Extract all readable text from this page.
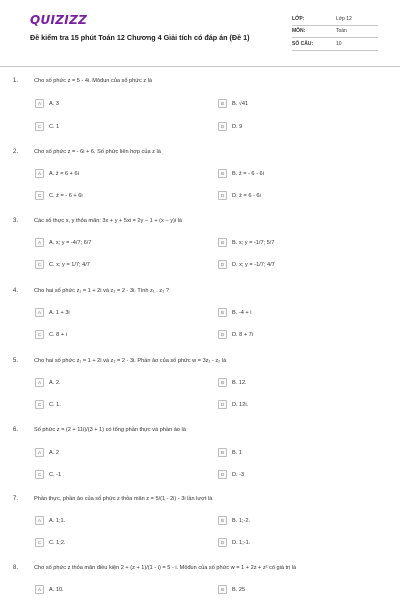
QUIZIZZ
Đề kiểm tra 15 phút Toán 12 Chương 4 Giải tích có đáp án (Đề 1)
LỚP:	Lớp 12
MÔN:	Toán
SỐ CÂU:	10
1.	Cho số phức z = 5 - 4i. Môđun của số phức z là
A	A. 3	B	B. √41
C	C. 1	D	D. 9
2.	Cho số phức z = - 6i + 6. Số phức liên hợp của z là
A	A. z̄ = 6 + 6i	B	B. z̄ = - 6 - 6i
C	C. z̄ = - 6 + 6i	D	D. z̄ = 6 - 6i
3.	Các số thực x, y thỏa mãn: 3x + y + 5xi = 2y − 1 + (x − y)i là
A	A. x; y = -4/7; 6/7	B	B. x; y = -1/7; 5/7
C	C. x; y = 1/7; 4/7	D	D. x; y = -1/7; 4/7
4.	Cho hai số phức z₁ = 1 + 2i và z₂ = 2 - 3i. Tính z₁ . z₂ ?
A	A. 1 + 3i	B	B. -4 + i
C	C. 8 + i	D	D. 8 + 7i
5.	Cho hai số phức z₁ = 1 + 2i và z₂ = 2 - 3i. Phần ảo của số phức w = 3z₁ - z₂ là
A	A. 2.	B	B. 12.
C	C. 1.	D	D. 12i.
6.	Số phức z = (2 + 11i)/(3 + 1) có tổng phần thực và phần ảo là
A	A. 2	B	B. 1
C	C. -1	D	D. -3
7.	Phần thực, phần ảo của số phức z thỏa mãn z = 5/(1 - 2i) - 3i lần lượt là
A	A. 1;1.	B	B. 1;-2.
C	C. 1;2.	D	D. 1;-1.
8.	Cho số phức z thỏa mãn điều kiện 2 + (z + 1)/(1 - i) = 5 - i. Môđun của số phức w = 1 + 2z + z² có giá trị là
A	A. 10.	B	B. 25
